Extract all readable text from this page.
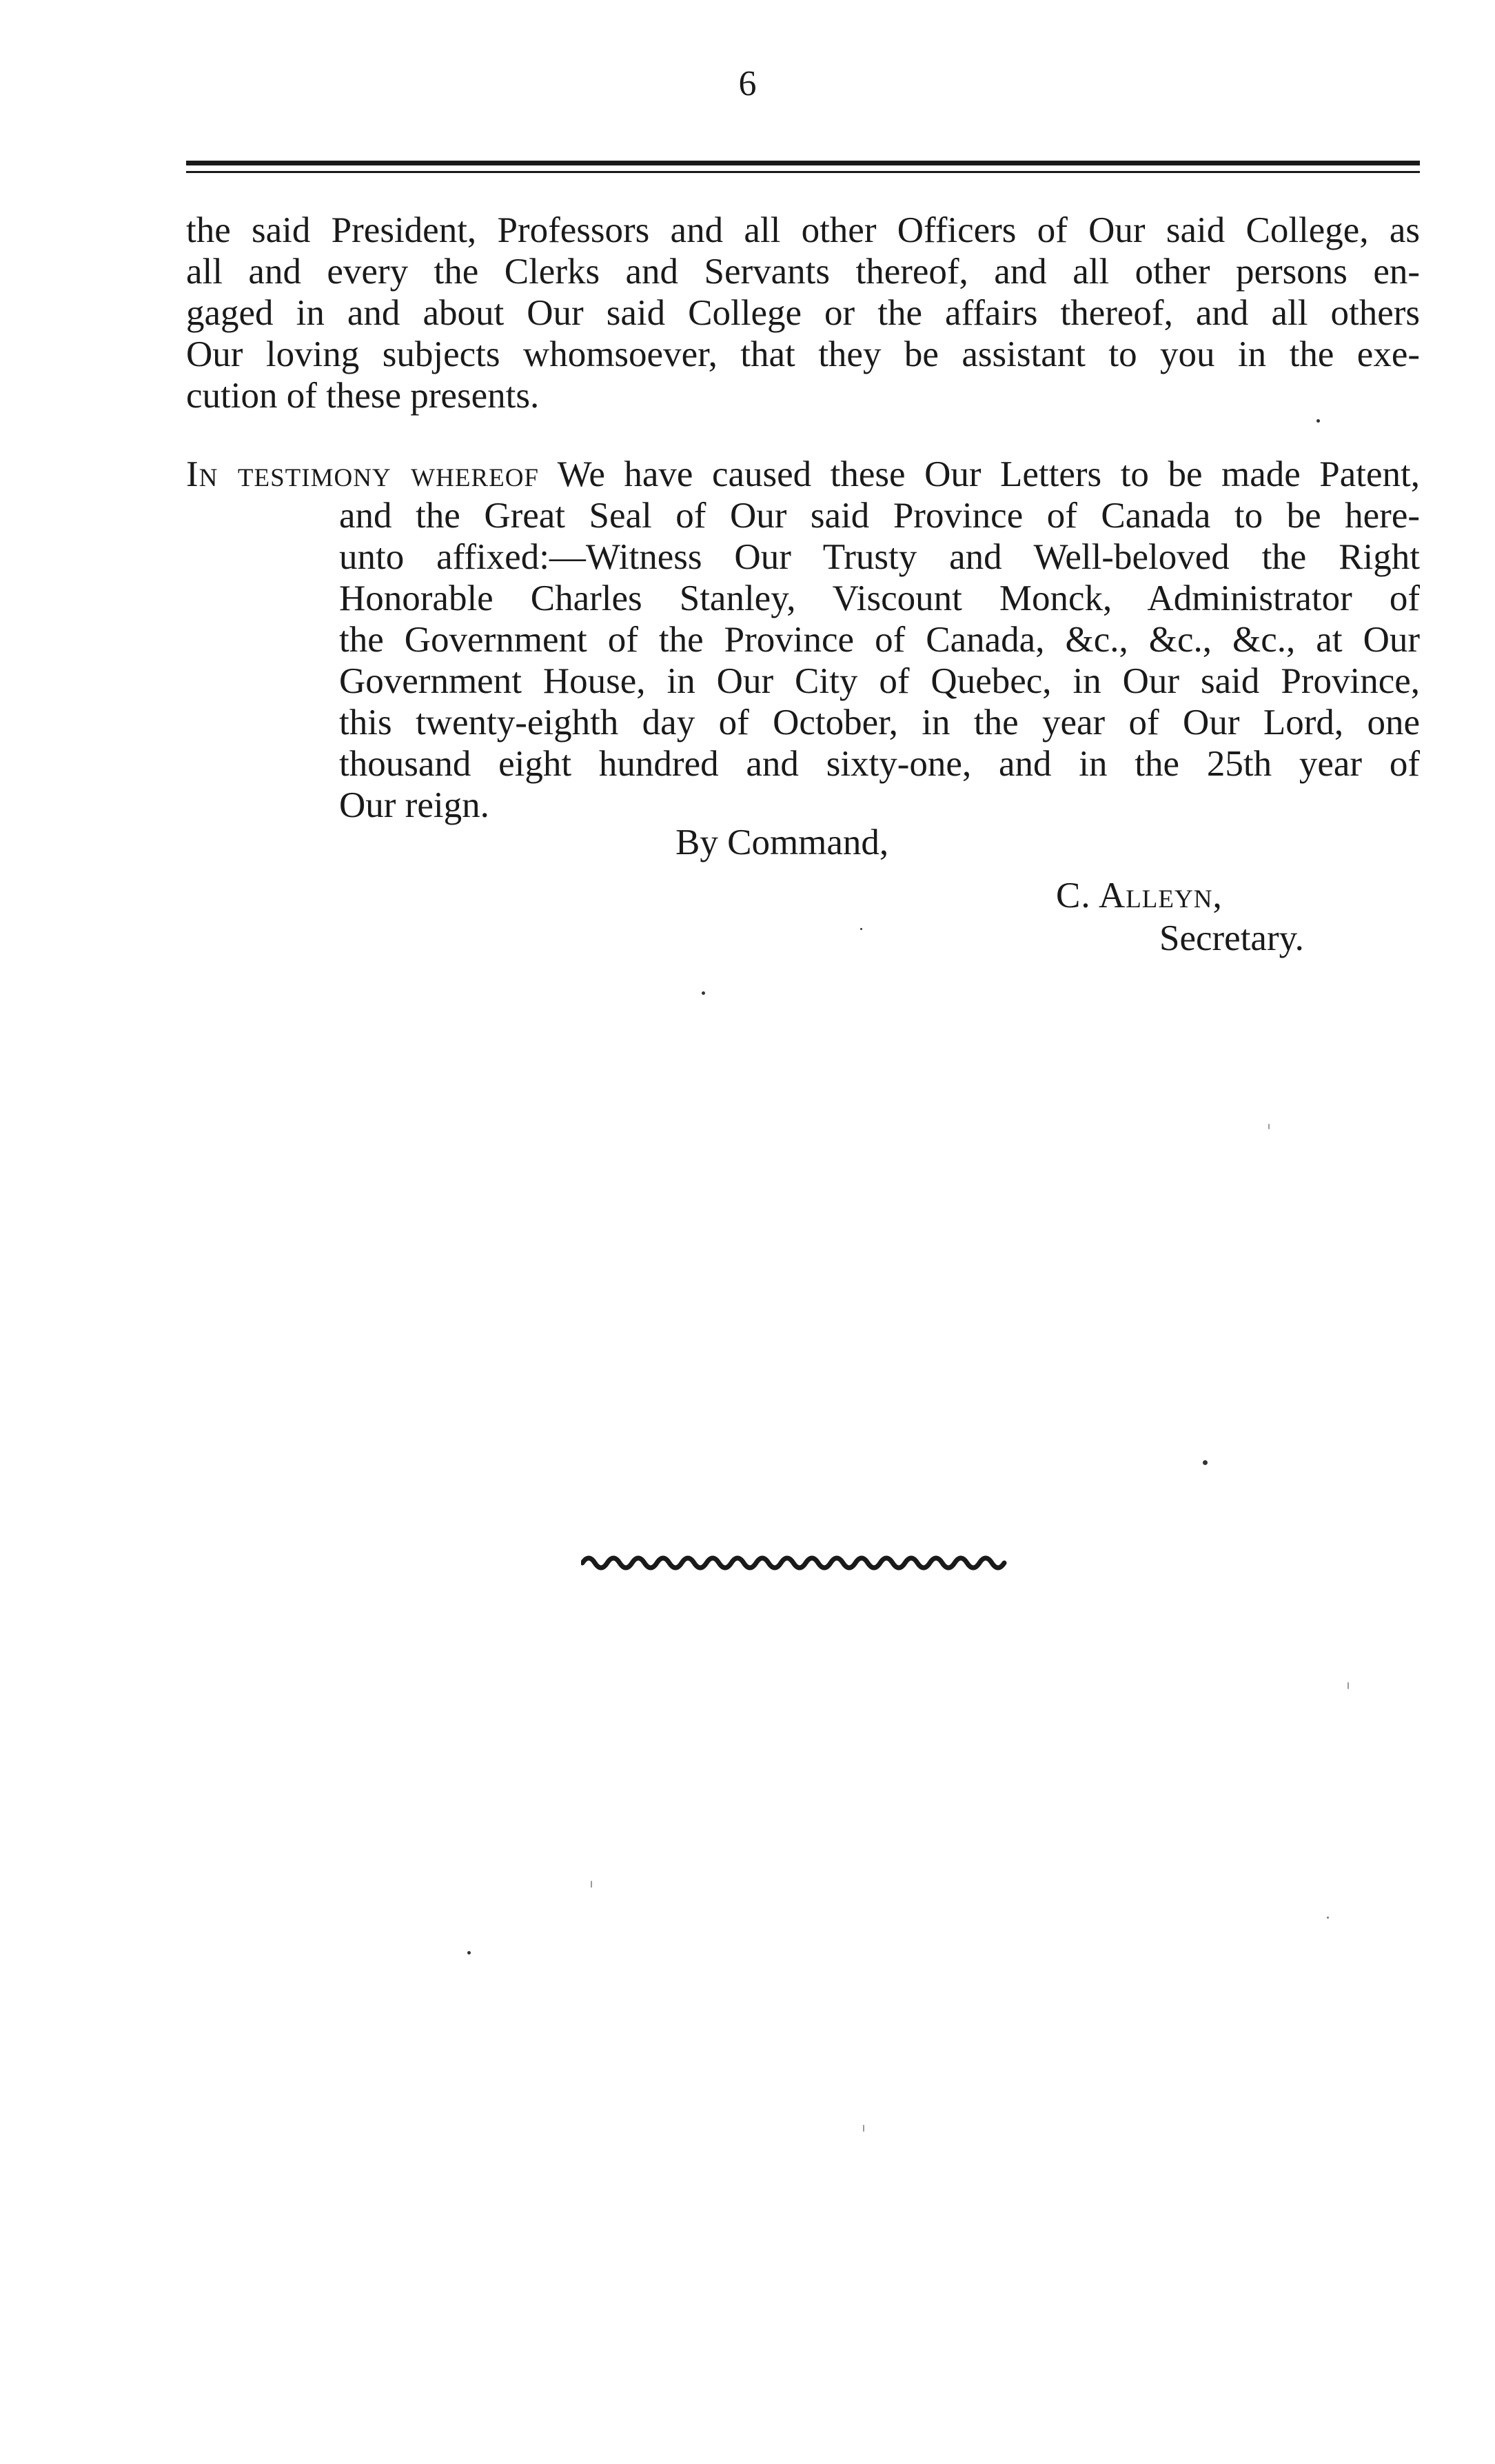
6
the said President, Professors and all other Officers of Our said College, as
all and every the Clerks and Servants thereof, and all other persons en-
gaged in and about Our said College or the affairs thereof, and all others
Our loving subjects whomsoever, that they be assistant to you in the exe-
cution of these presents.
In testimony whereof We have caused these Our Letters to be made Patent,
and the Great Seal of Our said Province of Canada to be here-
unto affixed:—Witness Our Trusty and Well-beloved the Right
Honorable Charles Stanley, Viscount Monck, Administrator of
the Government of the Province of Canada, &c., &c., &c., at Our
Government House, in Our City of Quebec, in Our said Province,
this twenty-eighth day of October, in the year of Our Lord, one
thousand eight hundred and sixty-one, and in the 25th year of
Our reign.
By Command,
C. Alleyn,
Secretary.
